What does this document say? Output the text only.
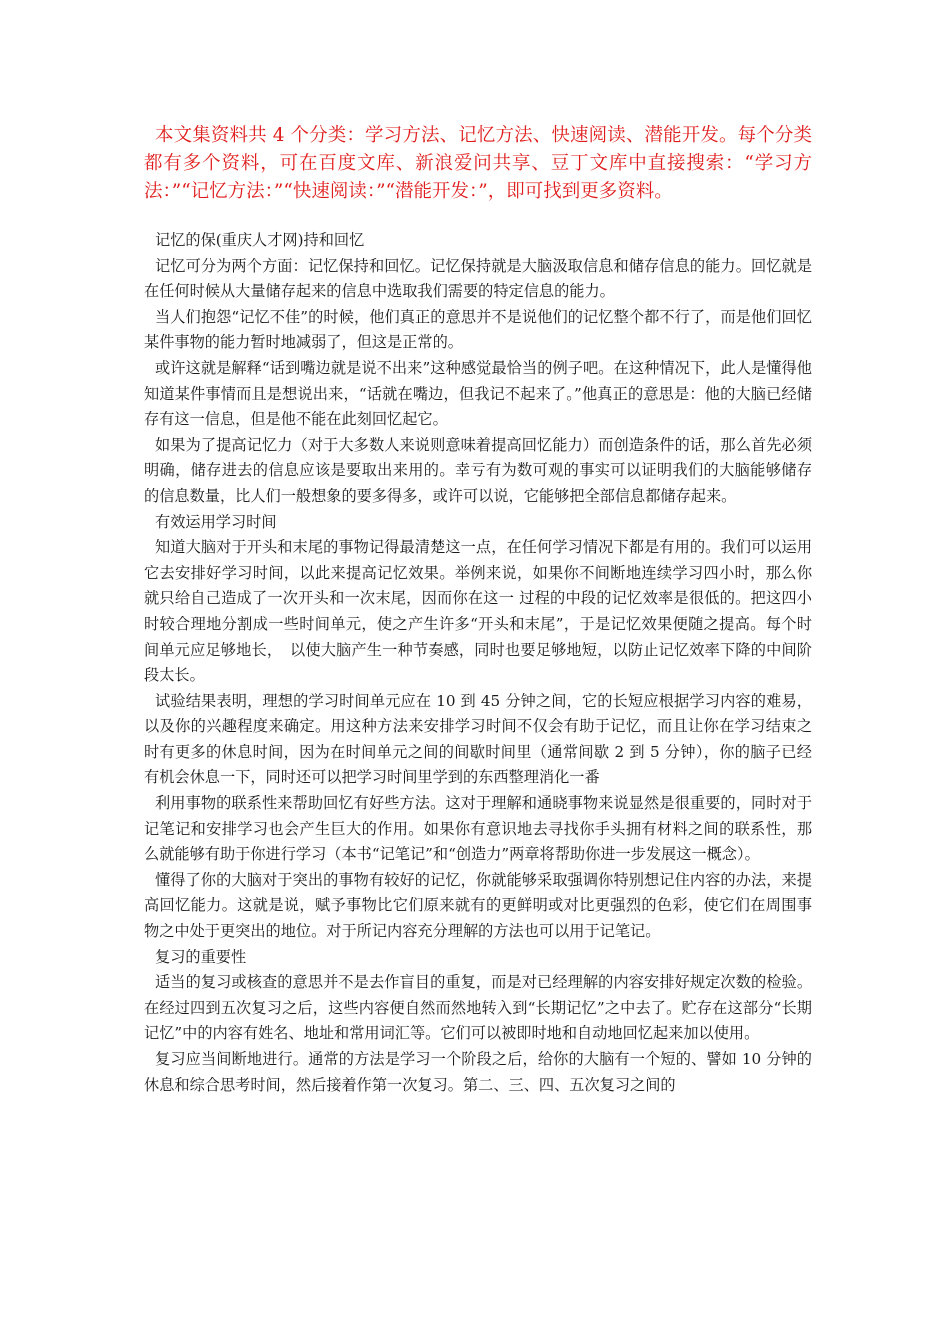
本文集资料共 4 个分类：学习方法、记忆方法、快速阅读、潜能开发。每个分类都有多个资料，可在百度文库、新浪爱问共享、豆丁文库中直接搜索：“学习方法：”“记忆方法：”“快速阅读：”“潜能开发：”，即可找到更多资料。

记忆的保(重庆人才网)持和回忆

记忆可分为两个方面：记忆保持和回忆。记忆保持就是大脑汲取信息和储存信息的能力。回忆就是在任何时候从大量储存起来的信息中选取我们需要的特定信息的能力。

当人们抱怨“记忆不佳”的时候，他们真正的意思并不是说他们的记忆整个都不行了，而是他们回忆某件事物的能力暂时地减弱了，但这是正常的。

或许这就是解释“话到嘴边就是说不出来”这种感觉最恰当的例子吧。在这种情况下，此人是懂得他知道某件事情而且是想说出来，“话就在嘴边，但我记不起来了。”他真正的意思是：他的大脑已经储存有这一信息，但是他不能在此刻回忆起它。

如果为了提高记忆力（对于大多数人来说则意味着提高回忆能力）而创造条件的话，那么首先必须明确，储存进去的信息应该是要取出来用的。幸亏有为数可观的事实可以证明我们的大脑能够储存的信息数量，比人们一般想象的要多得多，或许可以说，它能够把全部信息都储存起来。

有效运用学习时间

知道大脑对于开头和末尾的事物记得最清楚这一点，在任何学习情况下都是有用的。我们可以运用它去安排好学习时间，以此来提高记忆效果。举例来说，如果你不间断地连续学习四小时，那么你就只给自己造成了一次开头和一次末尾，因而你在这一 过程的中段的记忆效率是很低的。把这四小时较合理地分割成一些时间单元，使之产生许多“开头和末尾”，于是记忆效果便随之提高。每个时间单元应足够地长，　以使大脑产生一种节奏感，同时也要足够地短，以防止记忆效率下降的中间阶段太长。

试验结果表明，理想的学习时间单元应在 10 到 45 分钟之间，它的长短应根据学习内容的难易，以及你的兴趣程度来确定。用这种方法来安排学习时间不仅会有助于记忆，而且让你在学习结束之时有更多的休息时间，因为在时间单元之间的间歇时间里（通常间歇 2 到 5 分钟），你的脑子已经有机会休息一下，同时还可以把学习时间里学到的东西整理消化一番

利用事物的联系性来帮助回忆有好些方法。这对于理解和通晓事物来说显然是很重要的，同时对于记笔记和安排学习也会产生巨大的作用。如果你有意识地去寻找你手头拥有材料之间的联系性，那么就能够有助于你进行学习（本书“记笔记”和“创造力”两章将帮助你进一步发展这一概念）。

懂得了你的大脑对于突出的事物有较好的记忆，你就能够采取强调你特别想记住内容的办法，来提高回忆能力。这就是说，赋予事物比它们原来就有的更鲜明或对比更强烈的色彩，使它们在周围事物之中处于更突出的地位。对于所记内容充分理解的方法也可以用于记笔记。

复习的重要性

适当的复习或核查的意思并不是去作盲目的重复，而是对已经理解的内容安排好规定次数的检验。在经过四到五次复习之后，这些内容便自然而然地转入到“长期记忆”之中去了。贮存在这部分“长期记忆”中的内容有姓名、地址和常用词汇等。它们可以被即时地和自动地回忆起来加以使用。

复习应当间断地进行。通常的方法是学习一个阶段之后，给你的大脑有一个短的、譬如 10 分钟的休息和综合思考时间，然后接着作第一次复习。第二、三、四、五次复习之间的
